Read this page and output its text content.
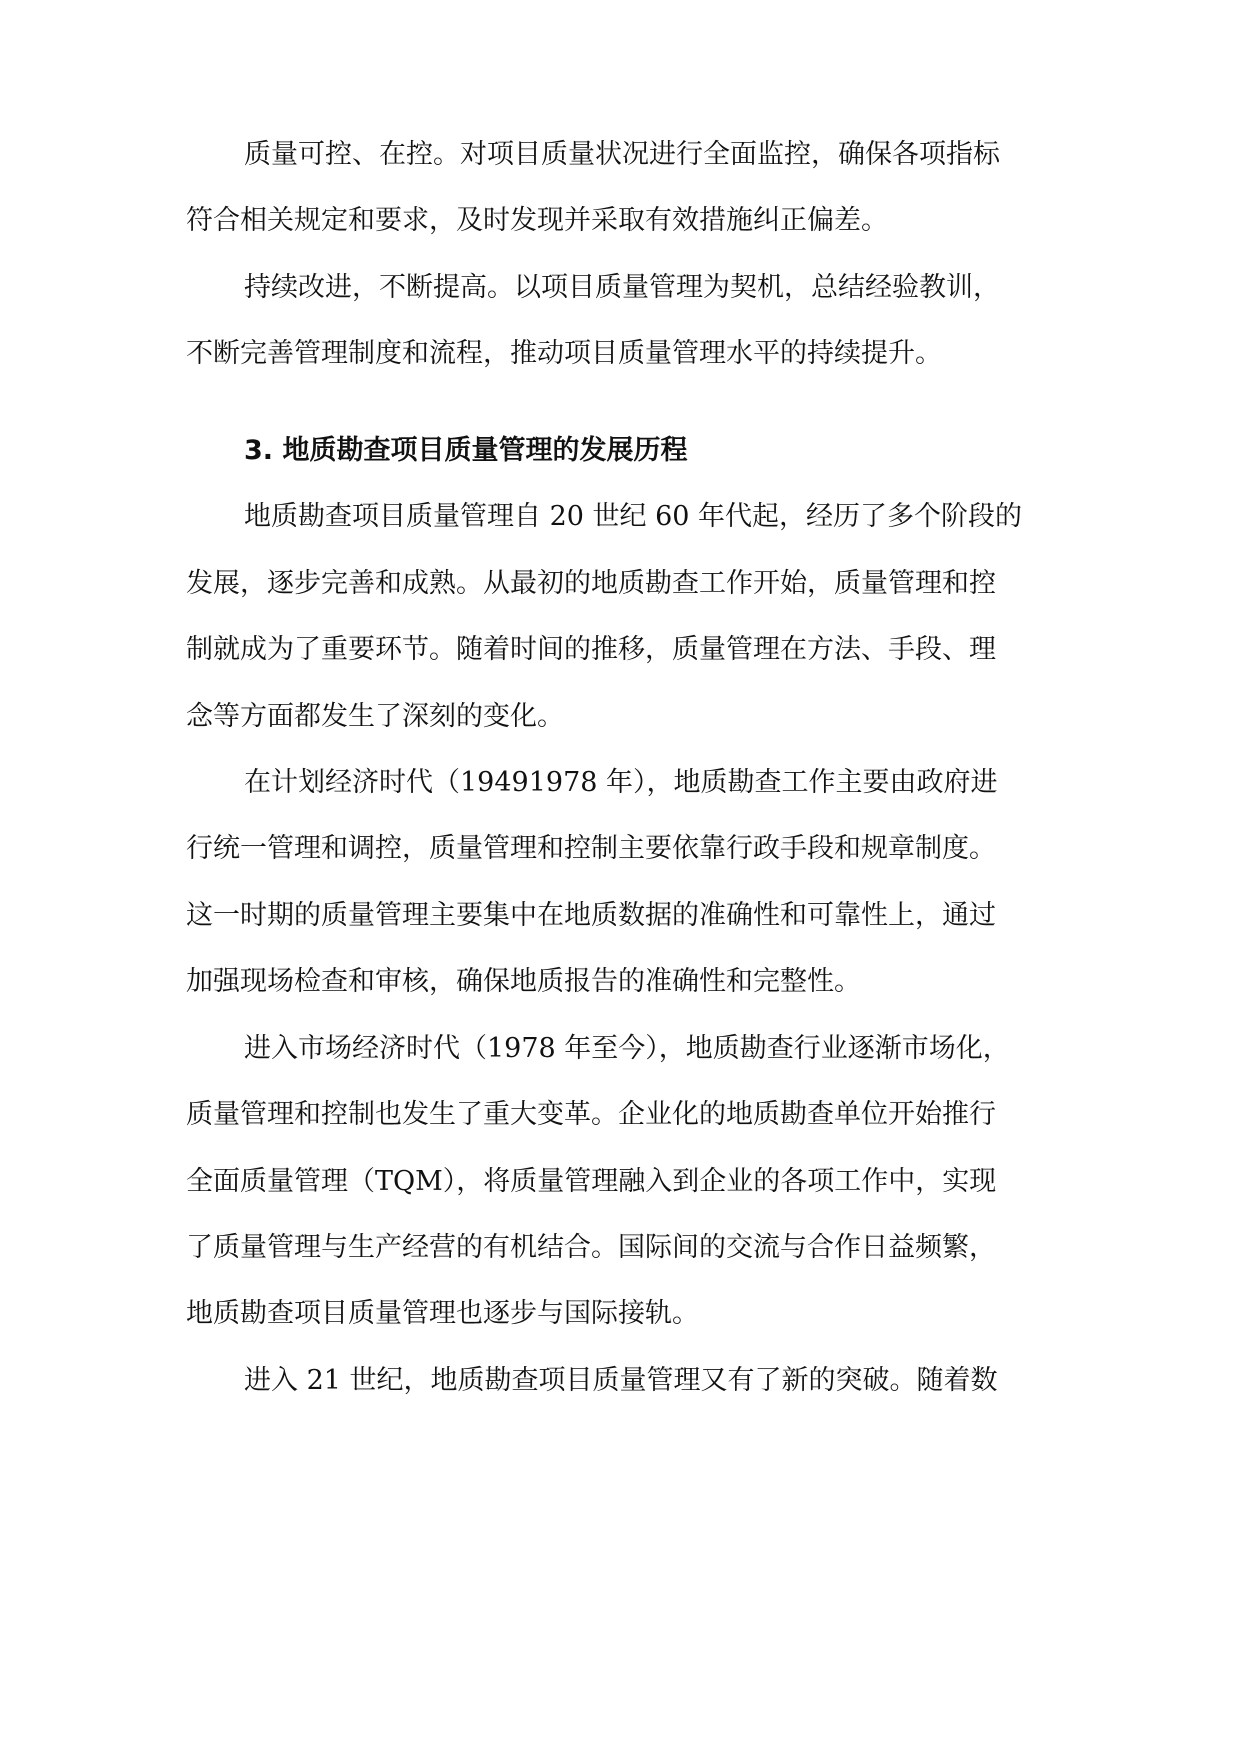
质量可控、在控。对项目质量状况进行全面监控，确保各项指标

符合相关规定和要求，及时发现并采取有效措施纠正偏差。

持续改进，不断提高。以项目质量管理为契机，总结经验教训，

不断完善管理制度和流程，推动项目质量管理水平的持续提升。

3. 地质勘查项目质量管理的发展历程

地质勘查项目质量管理自 20 世纪 60 年代起，经历了多个阶段的

发展，逐步完善和成熟。从最初的地质勘查工作开始，质量管理和控

制就成为了重要环节。随着时间的推移，质量管理在方法、手段、理

念等方面都发生了深刻的变化。

在计划经济时代（19491978 年），地质勘查工作主要由政府进

行统一管理和调控，质量管理和控制主要依靠行政手段和规章制度。

这一时期的质量管理主要集中在地质数据的准确性和可靠性上，通过

加强现场检查和审核，确保地质报告的准确性和完整性。

进入市场经济时代（1978 年至今），地质勘查行业逐渐市场化，

质量管理和控制也发生了重大变革。企业化的地质勘查单位开始推行

全面质量管理（TQM），将质量管理融入到企业的各项工作中，实现

了质量管理与生产经营的有机结合。国际间的交流与合作日益频繁，

地质勘查项目质量管理也逐步与国际接轨。

进入 21 世纪，地质勘查项目质量管理又有了新的突破。随着数
